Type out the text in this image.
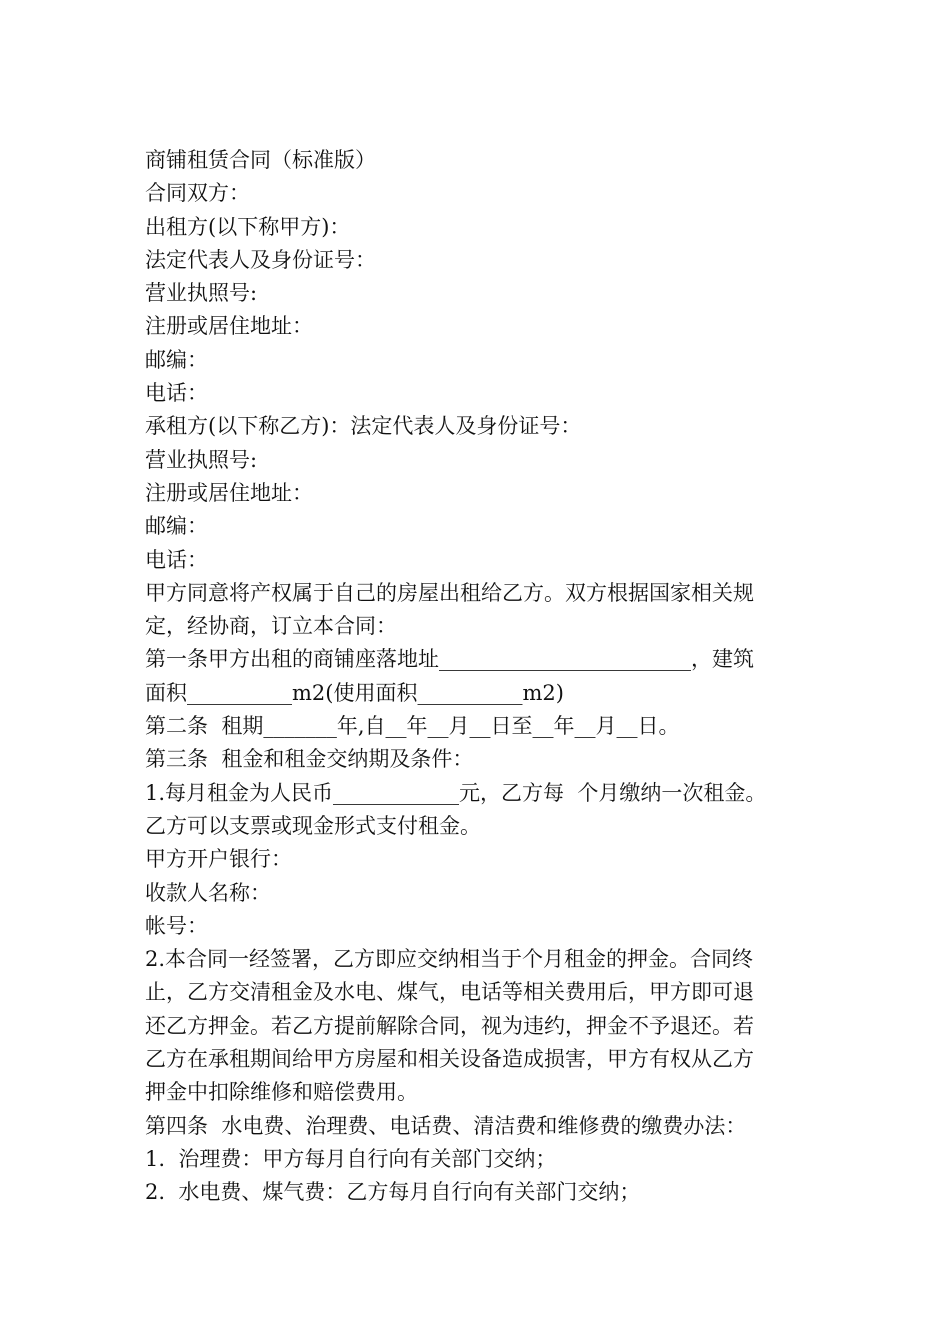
商铺租赁合同（标准版）
合同双方：
出租方(以下称甲方)：
法定代表人及身份证号：
营业执照号:
注册或居住地址：
邮编：
电话：
承租方(以下称乙方)：法定代表人及身份证号：
营业执照号:
注册或居住地址：
邮编：
电话：
甲方同意将产权属于自己的房屋出租给乙方。双方根据国家相关规
定，经协商，订立本合同：
第一条甲方出租的商铺座落地址________________________，建筑
面积__________m2(使用面积__________m2)
第二条  租期_______年,自__年__月__日至__年__月__日。
第三条  租金和租金交纳期及条件：
1.每月租金为人民币____________元，乙方每  个月缴纳一次租金。
乙方可以支票或现金形式支付租金。
甲方开户银行：
收款人名称：
帐号：
2.本合同一经签署，乙方即应交纳相当于个月租金的押金。合同终
止，乙方交清租金及水电、煤气，电话等相关费用后，甲方即可退
还乙方押金。若乙方提前解除合同，视为违约，押金不予退还。若
乙方在承租期间给甲方房屋和相关设备造成损害，甲方有权从乙方
押金中扣除维修和赔偿费用。
第四条  水电费、治理费、电话费、清洁费和维修费的缴费办法：
1.  治理费：甲方每月自行向有关部门交纳；
2.  水电费、煤气费：乙方每月自行向有关部门交纳；
